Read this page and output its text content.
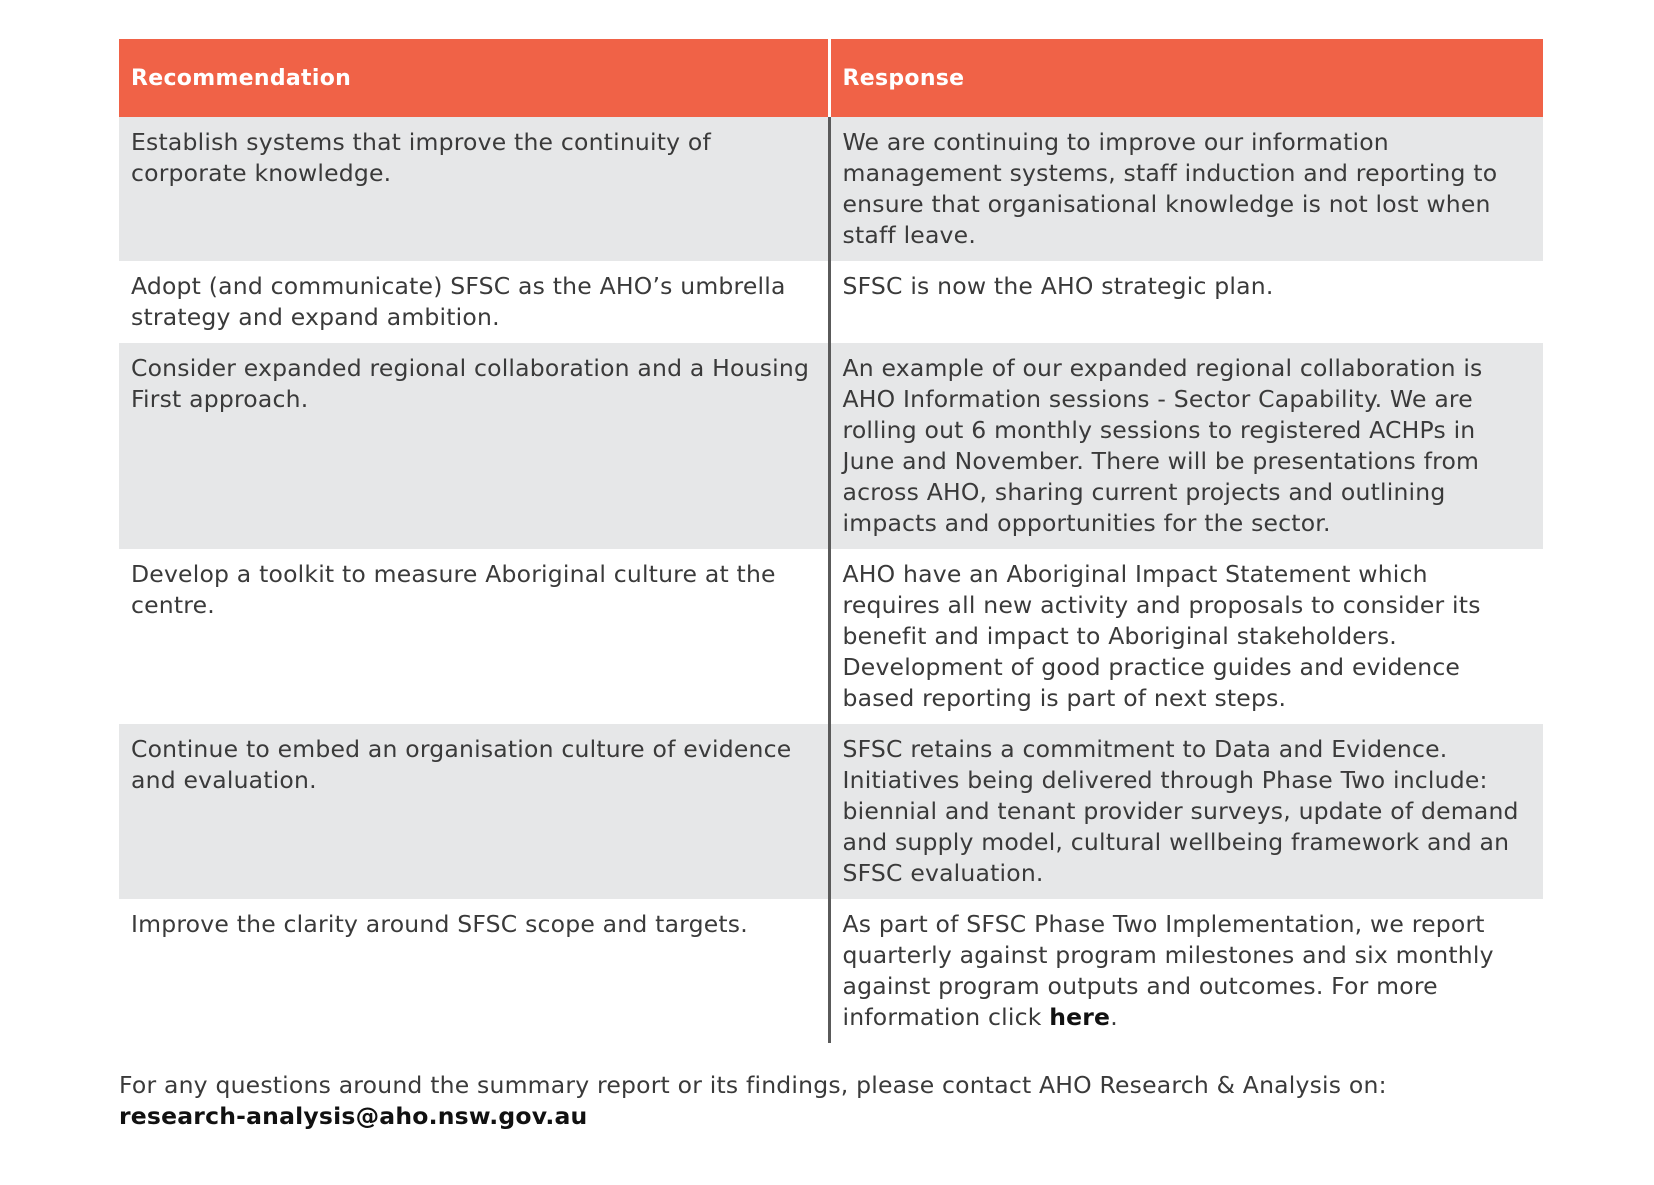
Recommendation	Response
Establish systems that improve the continuity of corporate knowledge.	We are continuing to improve our information management systems, staff induction and reporting to ensure that organisational knowledge is not lost when staff leave.
Adopt (and communicate) SFSC as the AHO’s umbrella strategy and expand ambition.	SFSC is now the AHO strategic plan.
Consider expanded regional collaboration and a Housing First approach.	An example of our expanded regional collaboration is AHO Information sessions - Sector Capability. We are rolling out 6 monthly sessions to registered ACHPs in June and November. There will be presentations from across AHO, sharing current projects and outlining impacts and opportunities for the sector.
Develop a toolkit to measure Aboriginal culture at the centre.	AHO have an Aboriginal Impact Statement which requires all new activity and proposals to consider its benefit and impact to Aboriginal stakeholders. Development of good practice guides and evidence based reporting is part of next steps.
Continue to embed an organisation culture of evidence and evaluation.	SFSC retains a commitment to Data and Evidence. Initiatives being delivered through Phase Two include: biennial and tenant provider surveys, update of demand and supply model, cultural wellbeing framework and an SFSC evaluation.
Improve the clarity around SFSC scope and targets.	As part of SFSC Phase Two Implementation, we report quarterly against program milestones and six monthly against program outputs and outcomes. For more information click here.
For any questions around the summary report or its findings, please contact AHO Research & Analysis on:
research-analysis@aho.nsw.gov.au
